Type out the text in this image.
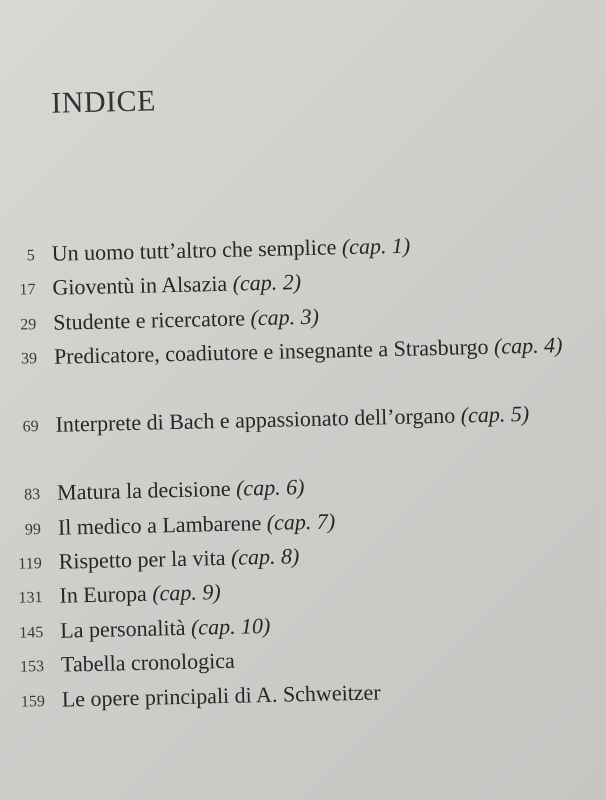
INDICE
5 Un uomo tutt’altro che semplice (cap. 1)
17 Gioventù in Alsazia (cap. 2)
29 Studente e ricercatore (cap. 3)
39 Predicatore, coadiutore e insegnante a Strasburgo (cap. 4)
69 Interprete di Bach e appassionato dell’organo (cap. 5)
83 Matura la decisione (cap. 6)
99 Il medico a Lambarene (cap. 7)
119 Rispetto per la vita (cap. 8)
131 In Europa (cap. 9)
145 La personalità (cap. 10)
153 Tabella cronologica
159 Le opere principali di A. Schweitzer
